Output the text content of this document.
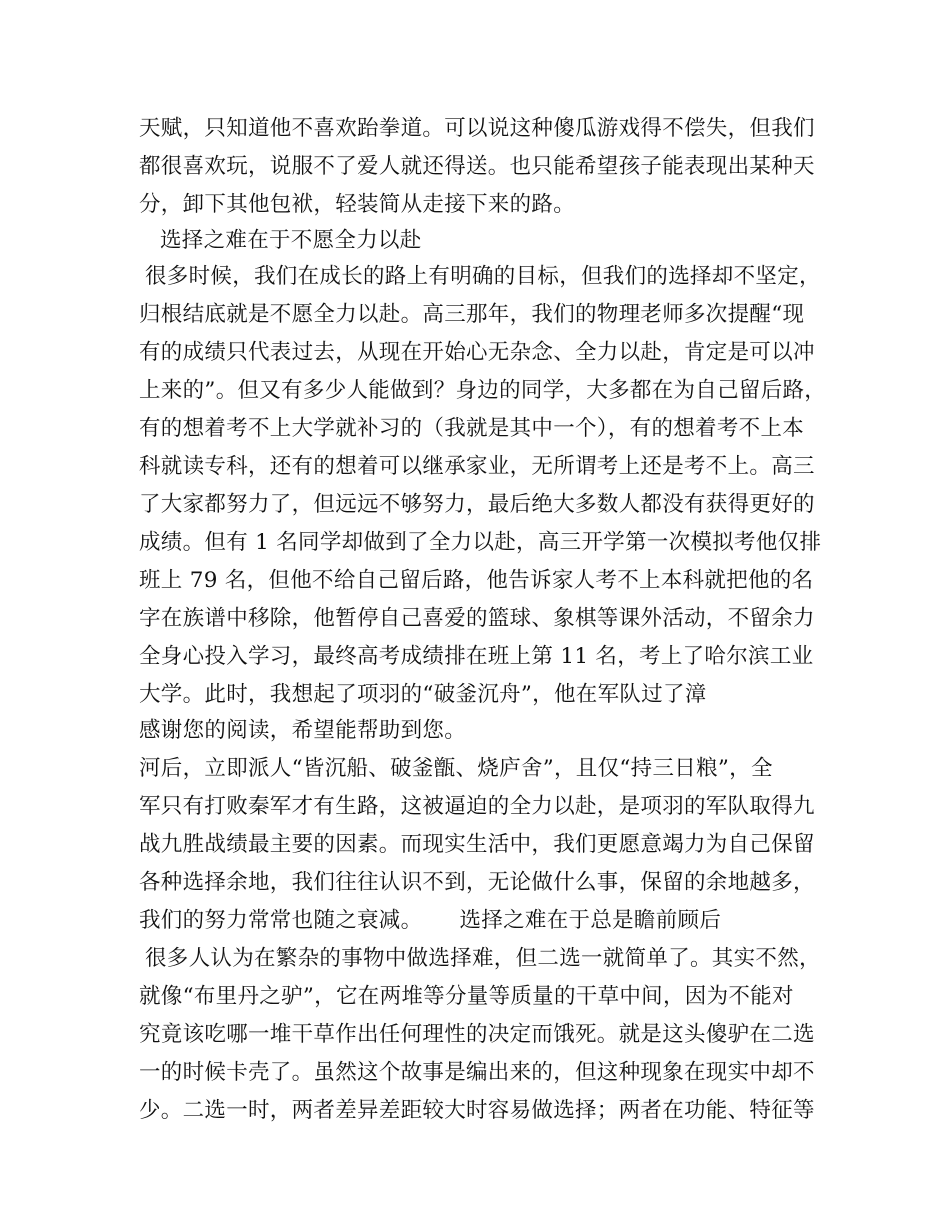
天赋，只知道他不喜欢跆拳道。可以说这种傻瓜游戏得不偿失，但我们
都很喜欢玩，说服不了爱人就还得送。也只能希望孩子能表现出某种天
分，卸下其他包袱，轻装简从走接下来的路。
选择之难在于不愿全力以赴
很多时候，我们在成长的路上有明确的目标，但我们的选择却不坚定，
归根结底就是不愿全力以赴。高三那年，我们的物理老师多次提醒“现
有的成绩只代表过去，从现在开始心无杂念、全力以赴，肯定是可以冲
上来的”。但又有多少人能做到？身边的同学，大多都在为自己留后路，
有的想着考不上大学就补习的（我就是其中一个），有的想着考不上本
科就读专科，还有的想着可以继承家业，无所谓考上还是考不上。高三
了大家都努力了，但远远不够努力，最后绝大多数人都没有获得更好的
成绩。但有 1 名同学却做到了全力以赴，高三开学第一次模拟考他仅排
班上 79 名，但他不给自己留后路，他告诉家人考不上本科就把他的名
字在族谱中移除，他暂停自己喜爱的篮球、象棋等课外活动，不留余力
全身心投入学习，最终高考成绩排在班上第 11 名，考上了哈尔滨工业
大学。此时，我想起了项羽的“破釜沉舟”，他在军队过了漳
感谢您的阅读，希望能帮助到您。
河后，立即派人“皆沉船、破釜甑、烧庐舍”，且仅“持三日粮”，全
军只有打败秦军才有生路，这被逼迫的全力以赴，是项羽的军队取得九
战九胜战绩最主要的因素。而现实生活中，我们更愿意竭力为自己保留
各种选择余地，我们往往认识不到，无论做什么事，保留的余地越多，
我们的努力常常也随之衰减。 选择之难在于总是瞻前顾后
很多人认为在繁杂的事物中做选择难，但二选一就简单了。其实不然，
就像“布里丹之驴”，它在两堆等分量等质量的干草中间，因为不能对
究竟该吃哪一堆干草作出任何理性的决定而饿死。就是这头傻驴在二选
一的时候卡壳了。虽然这个故事是编出来的，但这种现象在现实中却不
少。二选一时，两者差异差距较大时容易做选择；两者在功能、特征等
